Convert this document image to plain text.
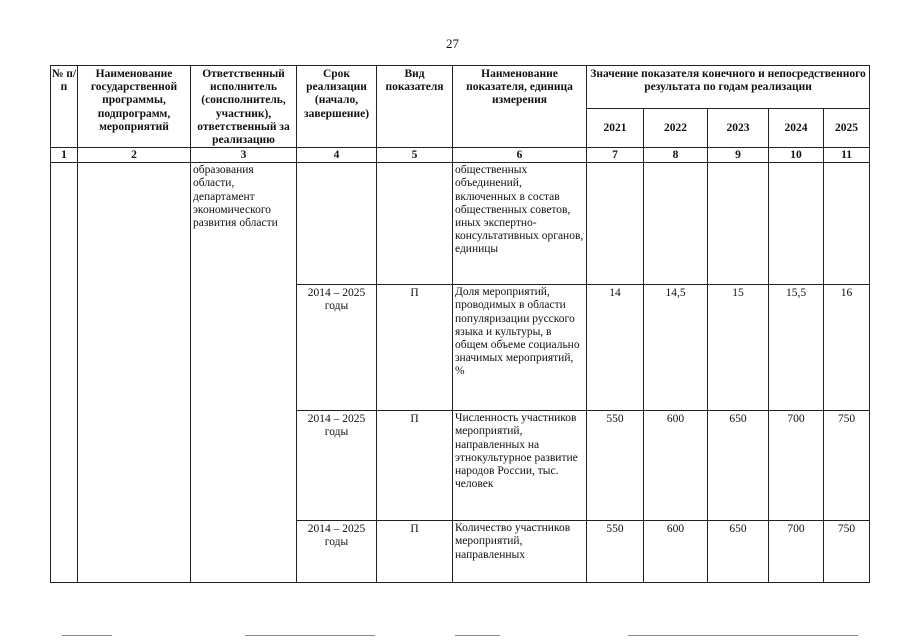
27
№ п/п	Наименование государственной программы, подпрограмм, мероприятий	Ответственный исполнитель (соисполнитель, участник), ответственный за реализацию	Срок реализации (начало, завершение)	Вид показателя	Наименование показателя, единица измерения	Значение показателя конечного и непосредственного результата по годам реализации				
						2021	2022	2023	2024	2025
1	2	3	4	5	6	7	8	9	10	11
		образования области, департамент экономического развития области			общественных объединений, включенных в состав общественных советов, иных экспертно-консультативных органов, единицы					
			2014 – 2025 годы	П	Доля мероприятий, проводимых в области популяризации русского языка и культуры, в общем объеме социально значимых мероприятий, %	14	14,5	15	15,5	16
			2014 – 2025 годы	П	Численность участников мероприятий, направленных на этнокультурное развитие народов России, тыс. человек	550	600	650	700	750
			2014 – 2025 годы	П	Количество участников мероприятий, направленных	550	600	650	700	750
